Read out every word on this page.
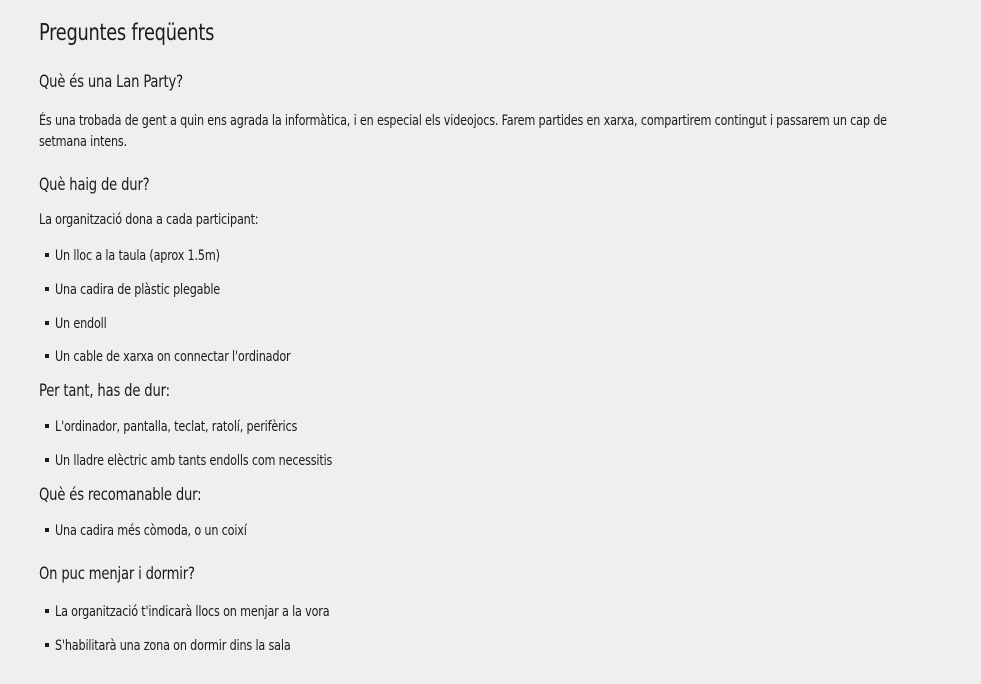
Preguntes freqüents
Què és una Lan Party?
És una trobada de gent a quin ens agrada la informàtica, i en especial els videojocs. Farem partides en xarxa, compartirem contingut i passarem un cap de setmana intens.
Què haig de dur?
La organització dona a cada participant:
Un lloc a la taula (aprox 1.5m)
Una cadira de plàstic plegable
Un endoll
Un cable de xarxa on connectar l'ordinador
Per tant, has de dur:
L'ordinador, pantalla, teclat, ratolí, perifèrics
Un lladre elèctric amb tants endolls com necessitis
Què és recomanable dur:
Una cadira més còmoda, o un coixí
On puc menjar i dormir?
La organització t'indicarà llocs on menjar a la vora
S'habilitarà una zona on dormir dins la sala
